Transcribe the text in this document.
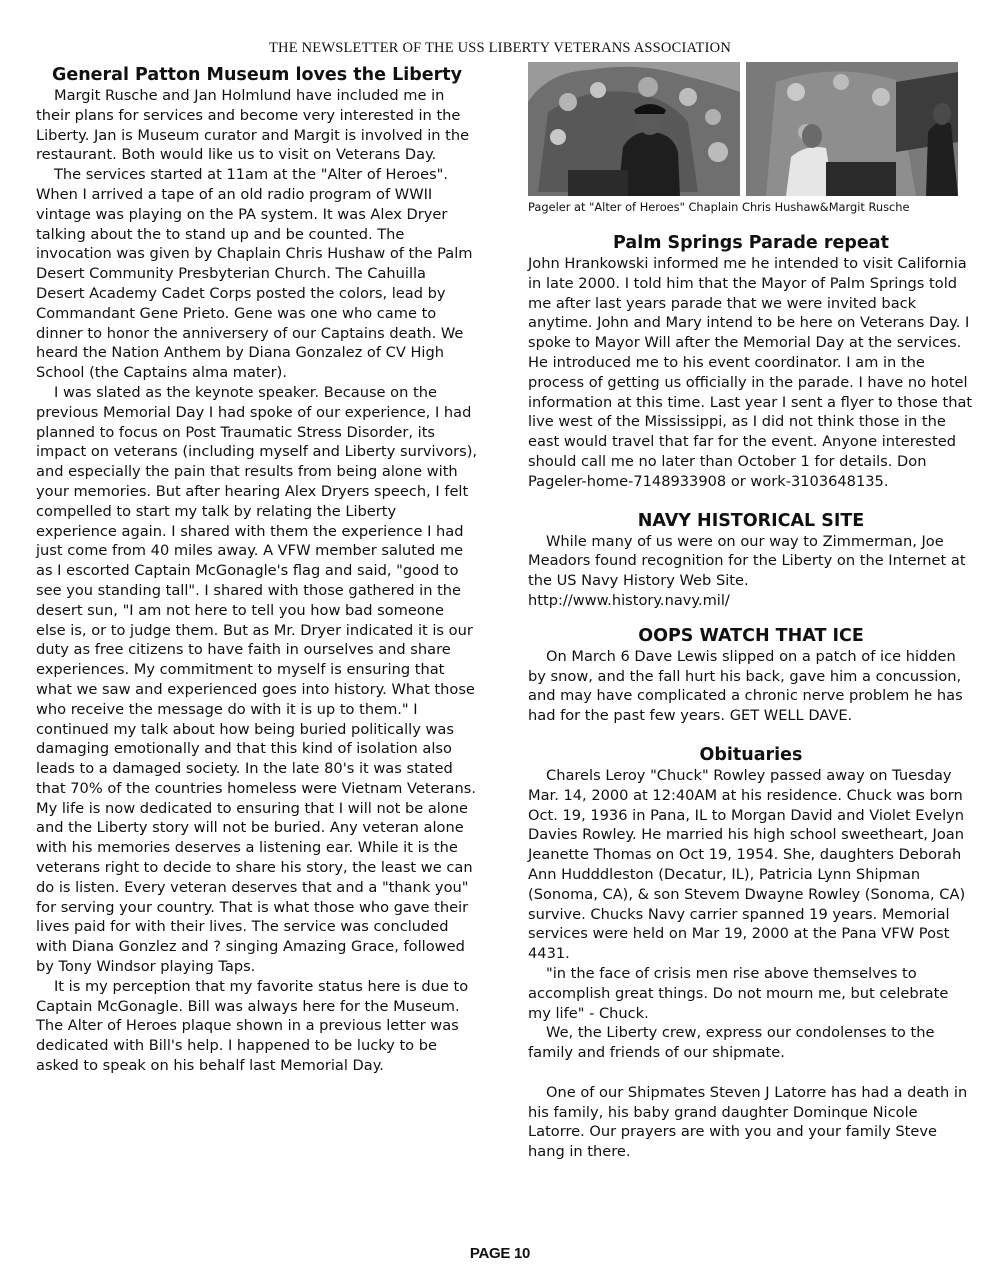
THE NEWSLETTER OF THE USS LIBERTY VETERANS ASSOCIATION
General Patton Museum loves the Liberty

Margit Rusche and Jan Holmlund have included me in their plans for services and become very interested in the Liberty. Jan is Museum curator and Margit is involved in the restaurant. Both would like us to visit on Veterans Day.

The services started at 11am at the "Alter of Heroes". When I arrived a tape of an old radio program of WWII vintage was playing on the PA system. It was Alex Dryer talking about the to stand up and be counted. The invocation was given by Chaplain Chris Hushaw of the Palm Desert Community Presbyterian Church. The Cahuilla Desert Academy Cadet Corps posted the colors, lead by Commandant Gene Prieto. Gene was one who came to dinner to honor the anniversery of our Captains death. We heard the Nation Anthem by Diana Gonzalez of CV High School (the Captains alma mater).

I was slated as the keynote speaker. Because on the previous Memorial Day I had spoke of our experience, I had planned to focus on Post Traumatic Stress Disorder, its impact on veterans (including myself and Liberty survivors), and especially the pain that results from being alone with your memories. But after hearing Alex Dryers speech, I felt compelled to start my talk by relating the Liberty experience again. I shared with them the experience I had just come from 40 miles away. A VFW member saluted me as I escorted Captain McGonagle's flag and said, "good to see you standing tall". I shared with those gathered in the desert sun, "I am not here to tell you how bad someone else is, or to judge them. But as Mr. Dryer indicated it is our duty as free citizens to have faith in ourselves and share experiences. My commitment to myself is ensuring that what we saw and experienced goes into history. What those who receive the message do with it is up to them." I continued my talk about how being buried politically was damaging emotionally and that this kind of isolation also leads to a damaged society. In the late 80's it was stated that 70% of the countries homeless were Vietnam Veterans. My life is now dedicated to ensuring that I will not be alone and the Liberty story will not be buried. Any veteran alone with his memories deserves a listening ear. While it is the veterans right to decide to share his story, the least we can do is listen. Every veteran deserves that and a "thank you" for serving your country. That is what those who gave their lives paid for with their lives. The service was concluded with Diana Gonzlez and ? singing Amazing Grace, followed by Tony Windsor playing Taps.

It is my perception that my favorite status here is due to Captain McGonagle. Bill was always here for the Museum. The Alter of Heroes plaque shown in a previous letter was dedicated with Bill's help. I happened to be lucky to be asked to speak on his behalf last Memorial Day.

Pageler at "Alter of Heroes" Chaplain Chris Hushaw&Margit Rusche
Palm Springs Parade repeat

John Hrankowski informed me he intended to visit California in late 2000. I told him that the Mayor of Palm Springs told me after last years parade that we were invited back anytime. John and Mary intend to be here on Veterans Day. I spoke to Mayor Will after the Memorial Day at the services. He introduced me to his event coordinator. I am in the process of getting us officially in the parade. I have no hotel information at this time. Last year I sent a flyer to those that live west of the Mississippi, as I did not think those in the east would travel that far for the event. Anyone interested should call me no later than October 1 for details. Don Pageler-home-7148933908 or work-3103648135.

NAVY HISTORICAL SITE

While many of us were on our way to Zimmerman, Joe Meadors found recognition for the Liberty on the Internet at the US Navy History Web Site.

http://www.history.navy.mil/

OOPS WATCH THAT ICE

On March 6 Dave Lewis slipped on a patch of ice hidden by snow, and the fall hurt his back, gave him a concussion, and may have complicated a chronic nerve problem he has had for the past few years. GET WELL DAVE.

Obituaries

Charels Leroy "Chuck" Rowley passed away on Tuesday Mar. 14, 2000 at 12:40AM at his residence. Chuck was born Oct. 19, 1936 in Pana, IL to Morgan David and Violet Evelyn Davies Rowley. He married his high school sweetheart, Joan Jeanette Thomas on Oct 19, 1954. She, daughters Deborah Ann Hudddleston (Decatur, IL), Patricia Lynn Shipman (Sonoma, CA), & son Stevem Dwayne Rowley (Sonoma, CA) survive. Chucks Navy carrier spanned 19 years. Memorial services were held on Mar 19, 2000 at the Pana VFW Post 4431.

"in the face of crisis men rise above themselves to accomplish great things. Do not mourn me, but celebrate my life" - Chuck.

We, the Liberty crew, express our condolenses to the family and friends of our shipmate.

One of our Shipmates Steven J Latorre has had a death in his family, his baby grand daughter Dominque Nicole Latorre. Our prayers are with you and your family Steve hang in there.

PAGE 10
